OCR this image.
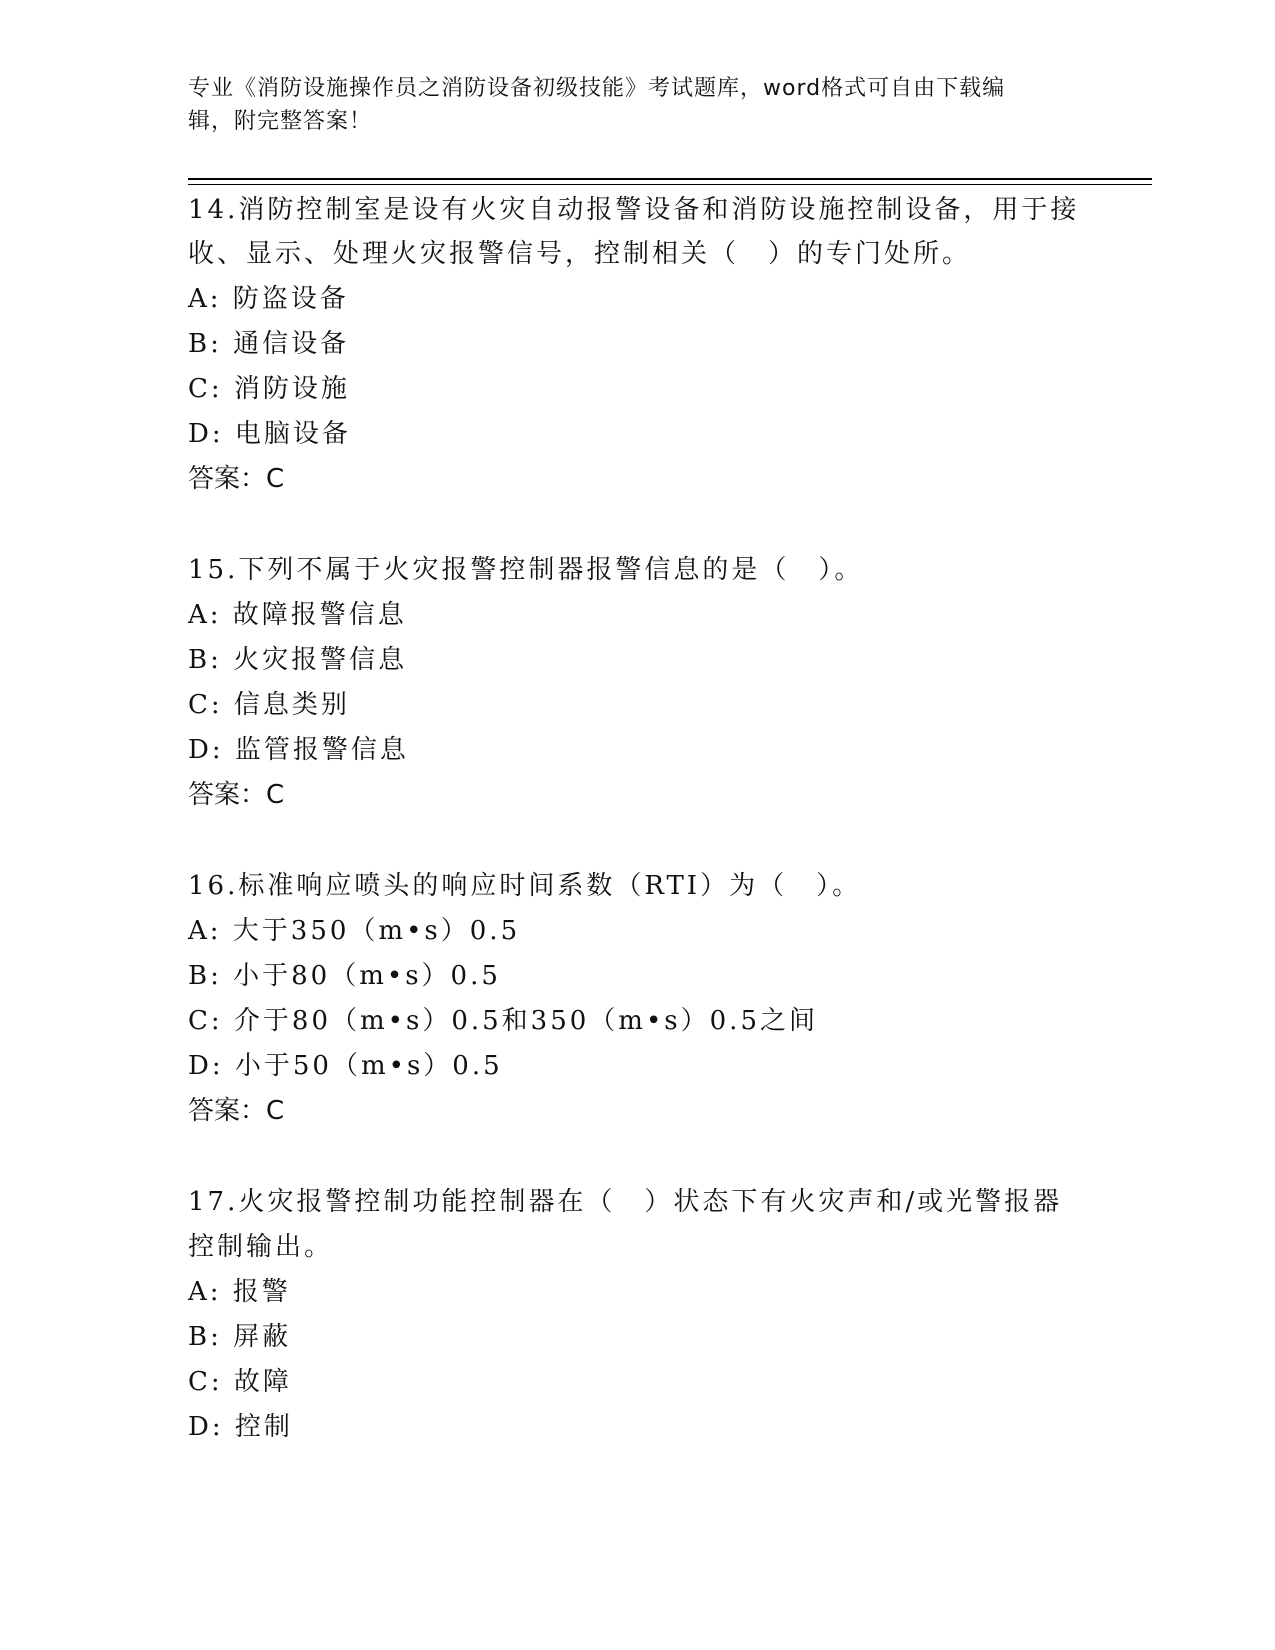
专业《消防设施操作员之消防设备初级技能》考试题库，word格式可自由下载编
辑，附完整答案！
14.消防控制室是设有火灾自动报警设备和消防设施控制设备，用于接
收、显示、处理火灾报警信号，控制相关（　）的专门处所。
A: 防盗设备
B: 通信设备
C: 消防设施
D: 电脑设备
答案：C
15.下列不属于火灾报警控制器报警信息的是（　）。
A: 故障报警信息
B: 火灾报警信息
C: 信息类别
D: 监管报警信息
答案：C
16.标准响应喷头的响应时间系数（RTI）为（　）。
A: 大于350（m•s）0.5
B: 小于80（m•s）0.5
C: 介于80（m•s）0.5和350（m•s）0.5之间
D: 小于50（m•s）0.5
答案：C
17.火灾报警控制功能控制器在（　）状态下有火灾声和/或光警报器
控制输出。
A: 报警
B: 屏蔽
C: 故障
D: 控制
